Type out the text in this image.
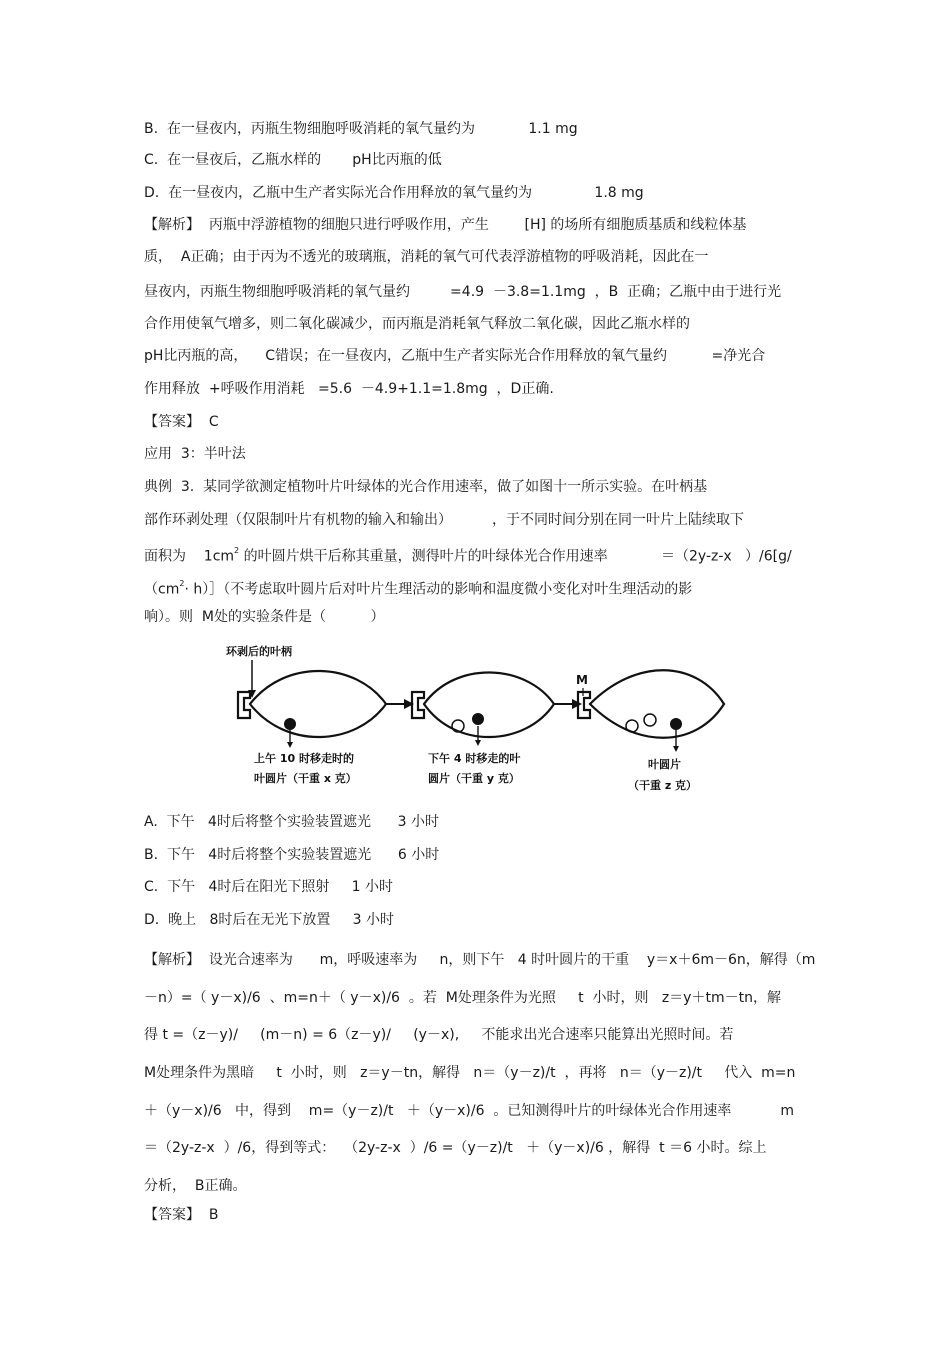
B.  在一昼夜内，丙瓶生物细胞呼吸消耗的氧气量约为            1.1 mg
C.  在一昼夜后，乙瓶水样的       pH比丙瓶的低
D.  在一昼夜内，乙瓶中生产者实际光合作用释放的氧气量约为              1.8 mg
【解析】  丙瓶中浮游植物的细胞只进行呼吸作用，产生        [H] 的场所有细胞质基质和线粒体基
质，  A正确；由于丙为不透光的玻璃瓶，消耗的氧气可代表浮游植物的呼吸消耗，因此在一
昼夜内，丙瓶生物细胞呼吸消耗的氧气量约         =4.9  －3.8=1.1mg  ，B  正确；乙瓶中由于进行光
合作用使氧气增多，则二氧化碳减少，而丙瓶是消耗氧气释放二氧化碳，因此乙瓶水样的
pH比丙瓶的高，    C错误；在一昼夜内，乙瓶中生产者实际光合作用释放的氧气量约          =净光合
作用释放  +呼吸作用消耗   =5.6  －4.9+1.1=1.8mg  ，D正确.
【答案】  C
应用  3：半叶法
典例  3.  某同学欲测定植物叶片叶绿体的光合作用速率，做了如图十一所示实验。在叶柄基
部作环剥处理（仅限制叶片有机物的输入和输出）         ，于不同时间分别在同一叶片上陆续取下
面积为    $1cm^2$ 的叶圆片烘干后称其重量，测得叶片的叶绿体光合作用速率            ＝（2y-z-x   ）/6[g/
（$cm^2\cdot$ h）］（不考虑取叶圆片后对叶片生理活动的影响和温度微小变化对叶生理活动的影
响）。则  M处的实验条件是（          ）
环剥后的叶柄
上午 10 时移走时的
叶圆片（干重 x 克）
下午 4 时移走的叶
圆片（干重 y 克）
M
叶圆片
（干重 z 克）
A.  下午   4时后将整个实验装置遮光      3 小时
B.  下午   4时后将整个实验装置遮光      6 小时
C.  下午   4时后在阳光下照射     1 小时
D.  晚上   8时后在无光下放置     3 小时
【解析】  设光合速率为      m，呼吸速率为     n，则下午   4 时叶圆片的干重    y＝x＋6m－6n，解得（m
－n）=（ y－x)/6  、m=n＋（ y－x)/6  。若  M处理条件为光照     t  小时，则   z＝y＋tm－tn，解
得 t =（z－y)/     (m－n) = 6（z－y)/     (y－x),     不能求出光合速率只能算出光照时间。若
M处理条件为黑暗     t  小时，则   z＝y－tn，解得   n＝（y－z)/t  ，再将   n＝（y－z)/t     代入  m=n
＋（y－x)/6   中，得到    m=（y－z)/t   ＋（y－x)/6  。已知测得叶片的叶绿体光合作用速率           m
＝（2y-z-x  ）/6，得到等式：  （2y-z-x  ）/6 =（y－z)/t   ＋（y－x)/6 ，解得  t ＝6 小时。综上
分析，  B正确。
【答案】  B
